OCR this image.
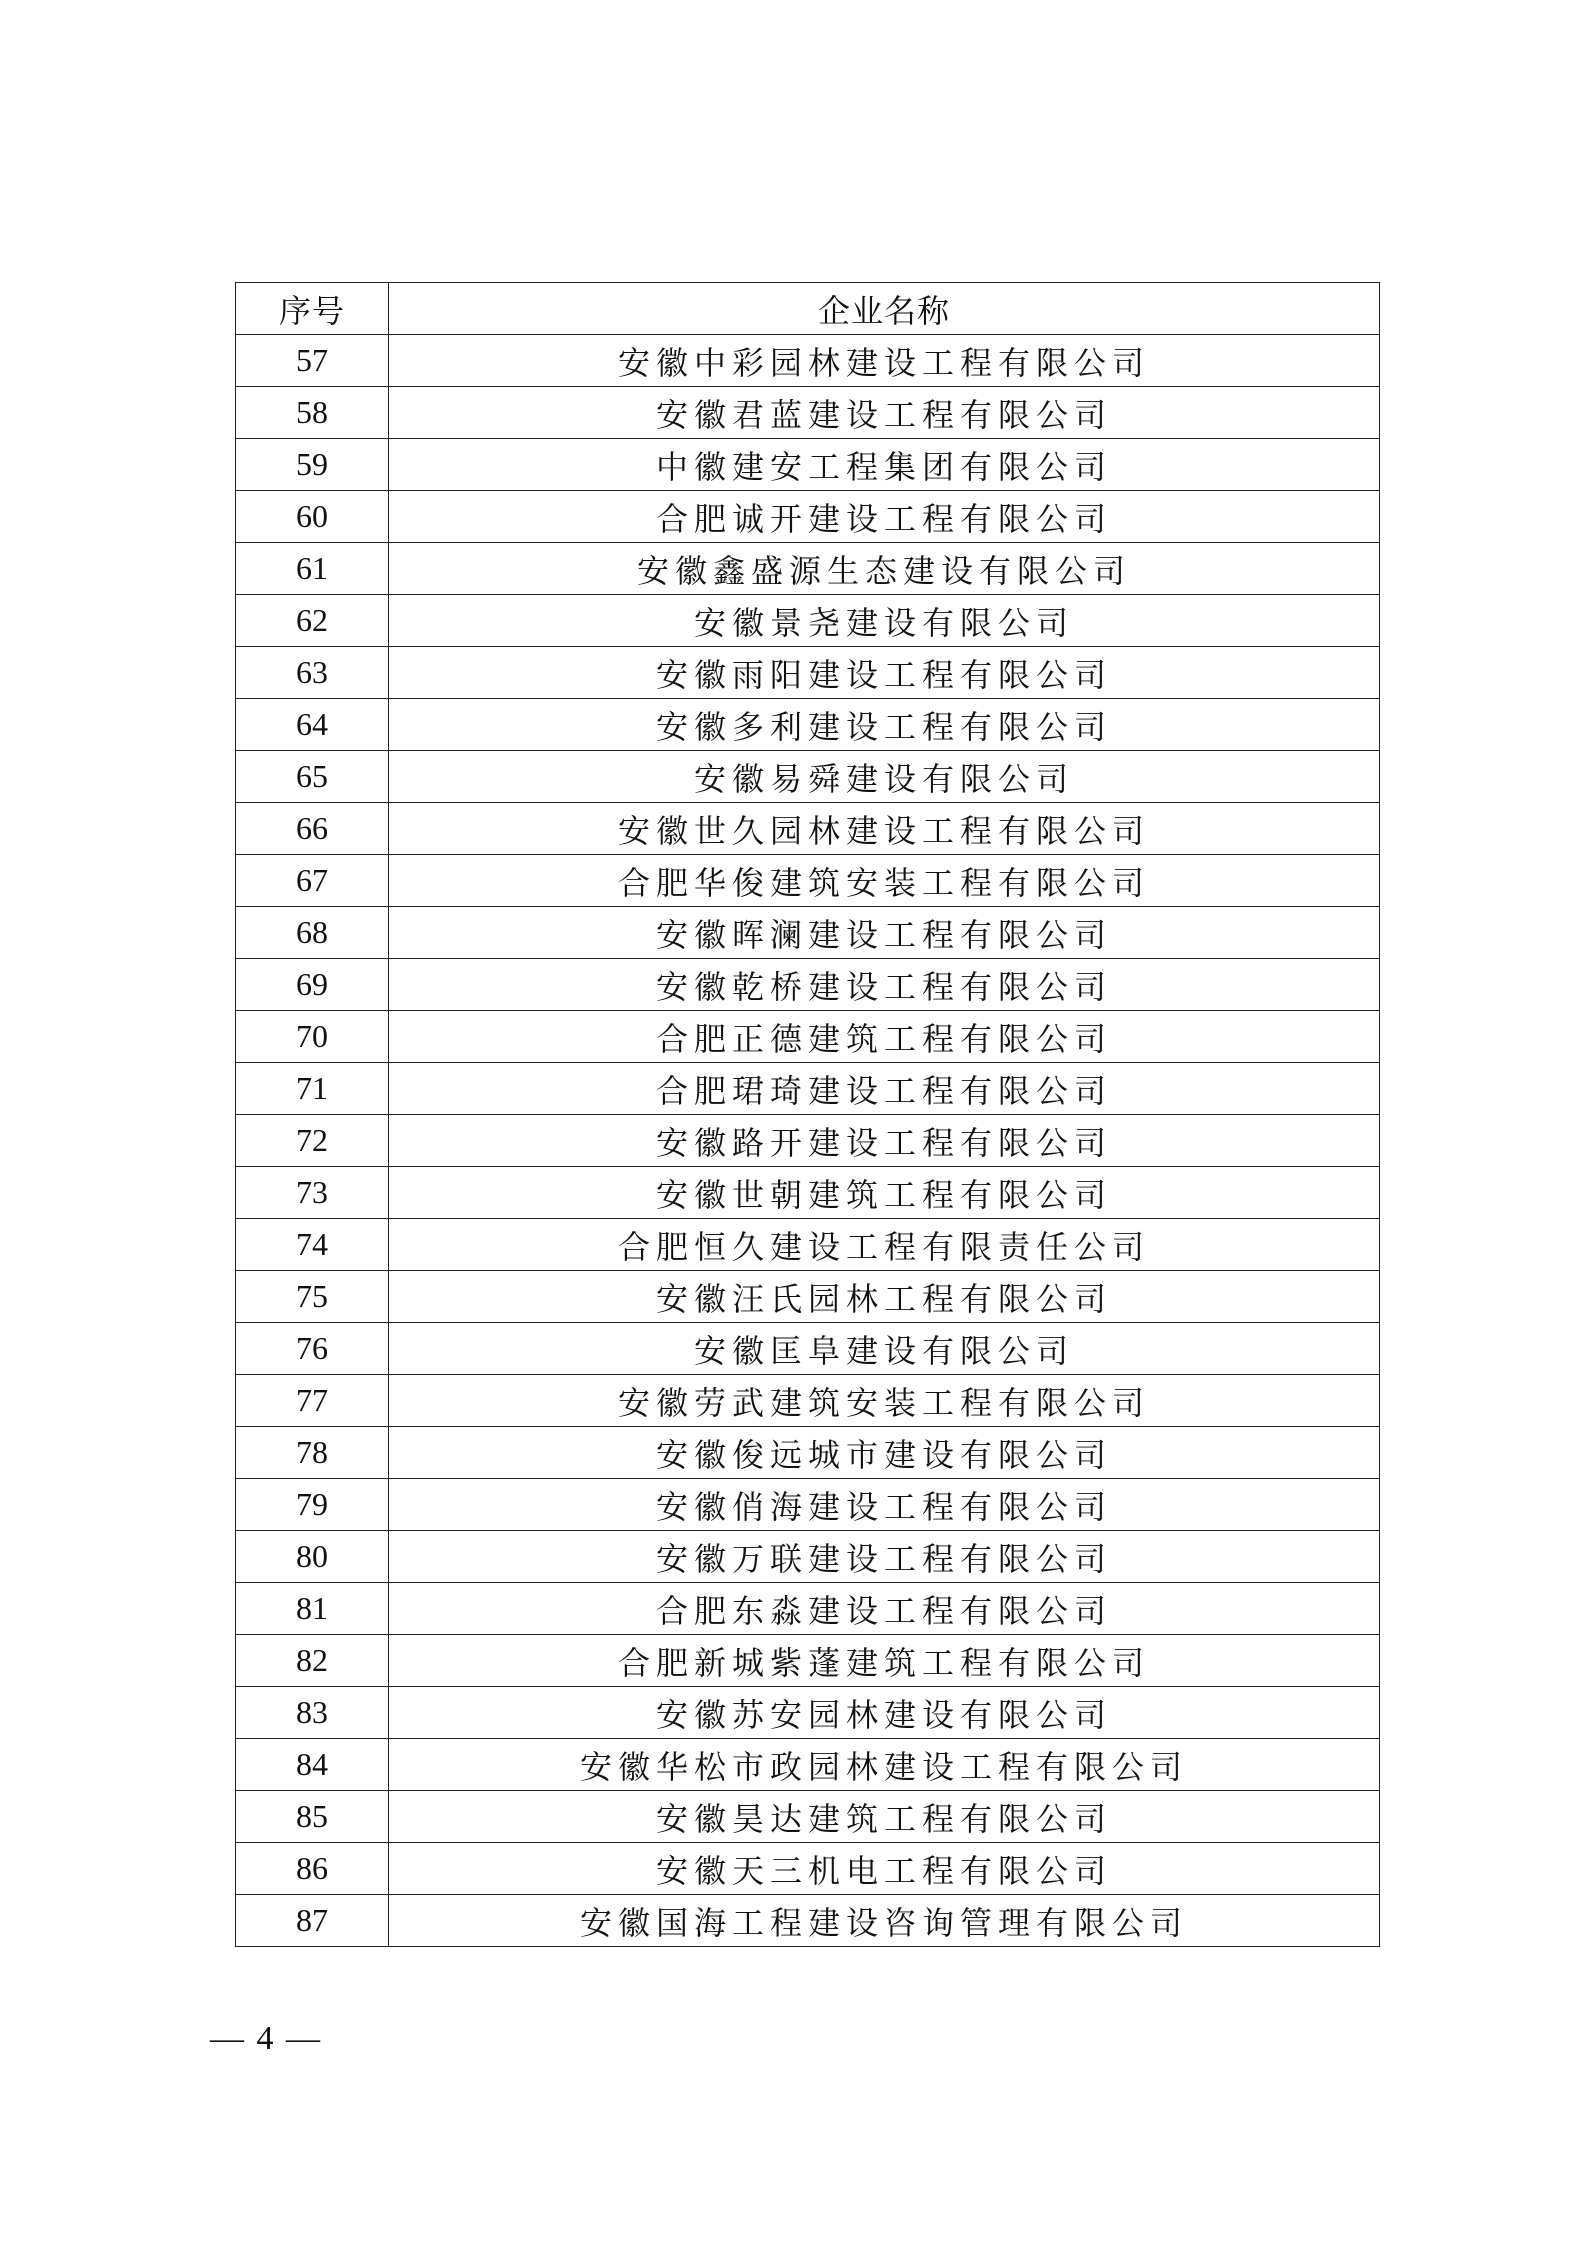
序号	企业名称
57	安徽中彩园林建设工程有限公司
58	安徽君蓝建设工程有限公司
59	中徽建安工程集团有限公司
60	合肥诚开建设工程有限公司
61	安徽鑫盛源生态建设有限公司
62	安徽景尧建设有限公司
63	安徽雨阳建设工程有限公司
64	安徽多利建设工程有限公司
65	安徽易舜建设有限公司
66	安徽世久园林建设工程有限公司
67	合肥华俊建筑安装工程有限公司
68	安徽晖澜建设工程有限公司
69	安徽乾桥建设工程有限公司
70	合肥正德建筑工程有限公司
71	合肥珺琦建设工程有限公司
72	安徽路开建设工程有限公司
73	安徽世朝建筑工程有限公司
74	合肥恒久建设工程有限责任公司
75	安徽汪氏园林工程有限公司
76	安徽匡阜建设有限公司
77	安徽劳武建筑安装工程有限公司
78	安徽俊远城市建设有限公司
79	安徽俏海建设工程有限公司
80	安徽万联建设工程有限公司
81	合肥东淼建设工程有限公司
82	合肥新城紫蓬建筑工程有限公司
83	安徽苏安园林建设有限公司
84	安徽华松市政园林建设工程有限公司
85	安徽昊达建筑工程有限公司
86	安徽天三机电工程有限公司
87	安徽国海工程建设咨询管理有限公司
— 4 —
